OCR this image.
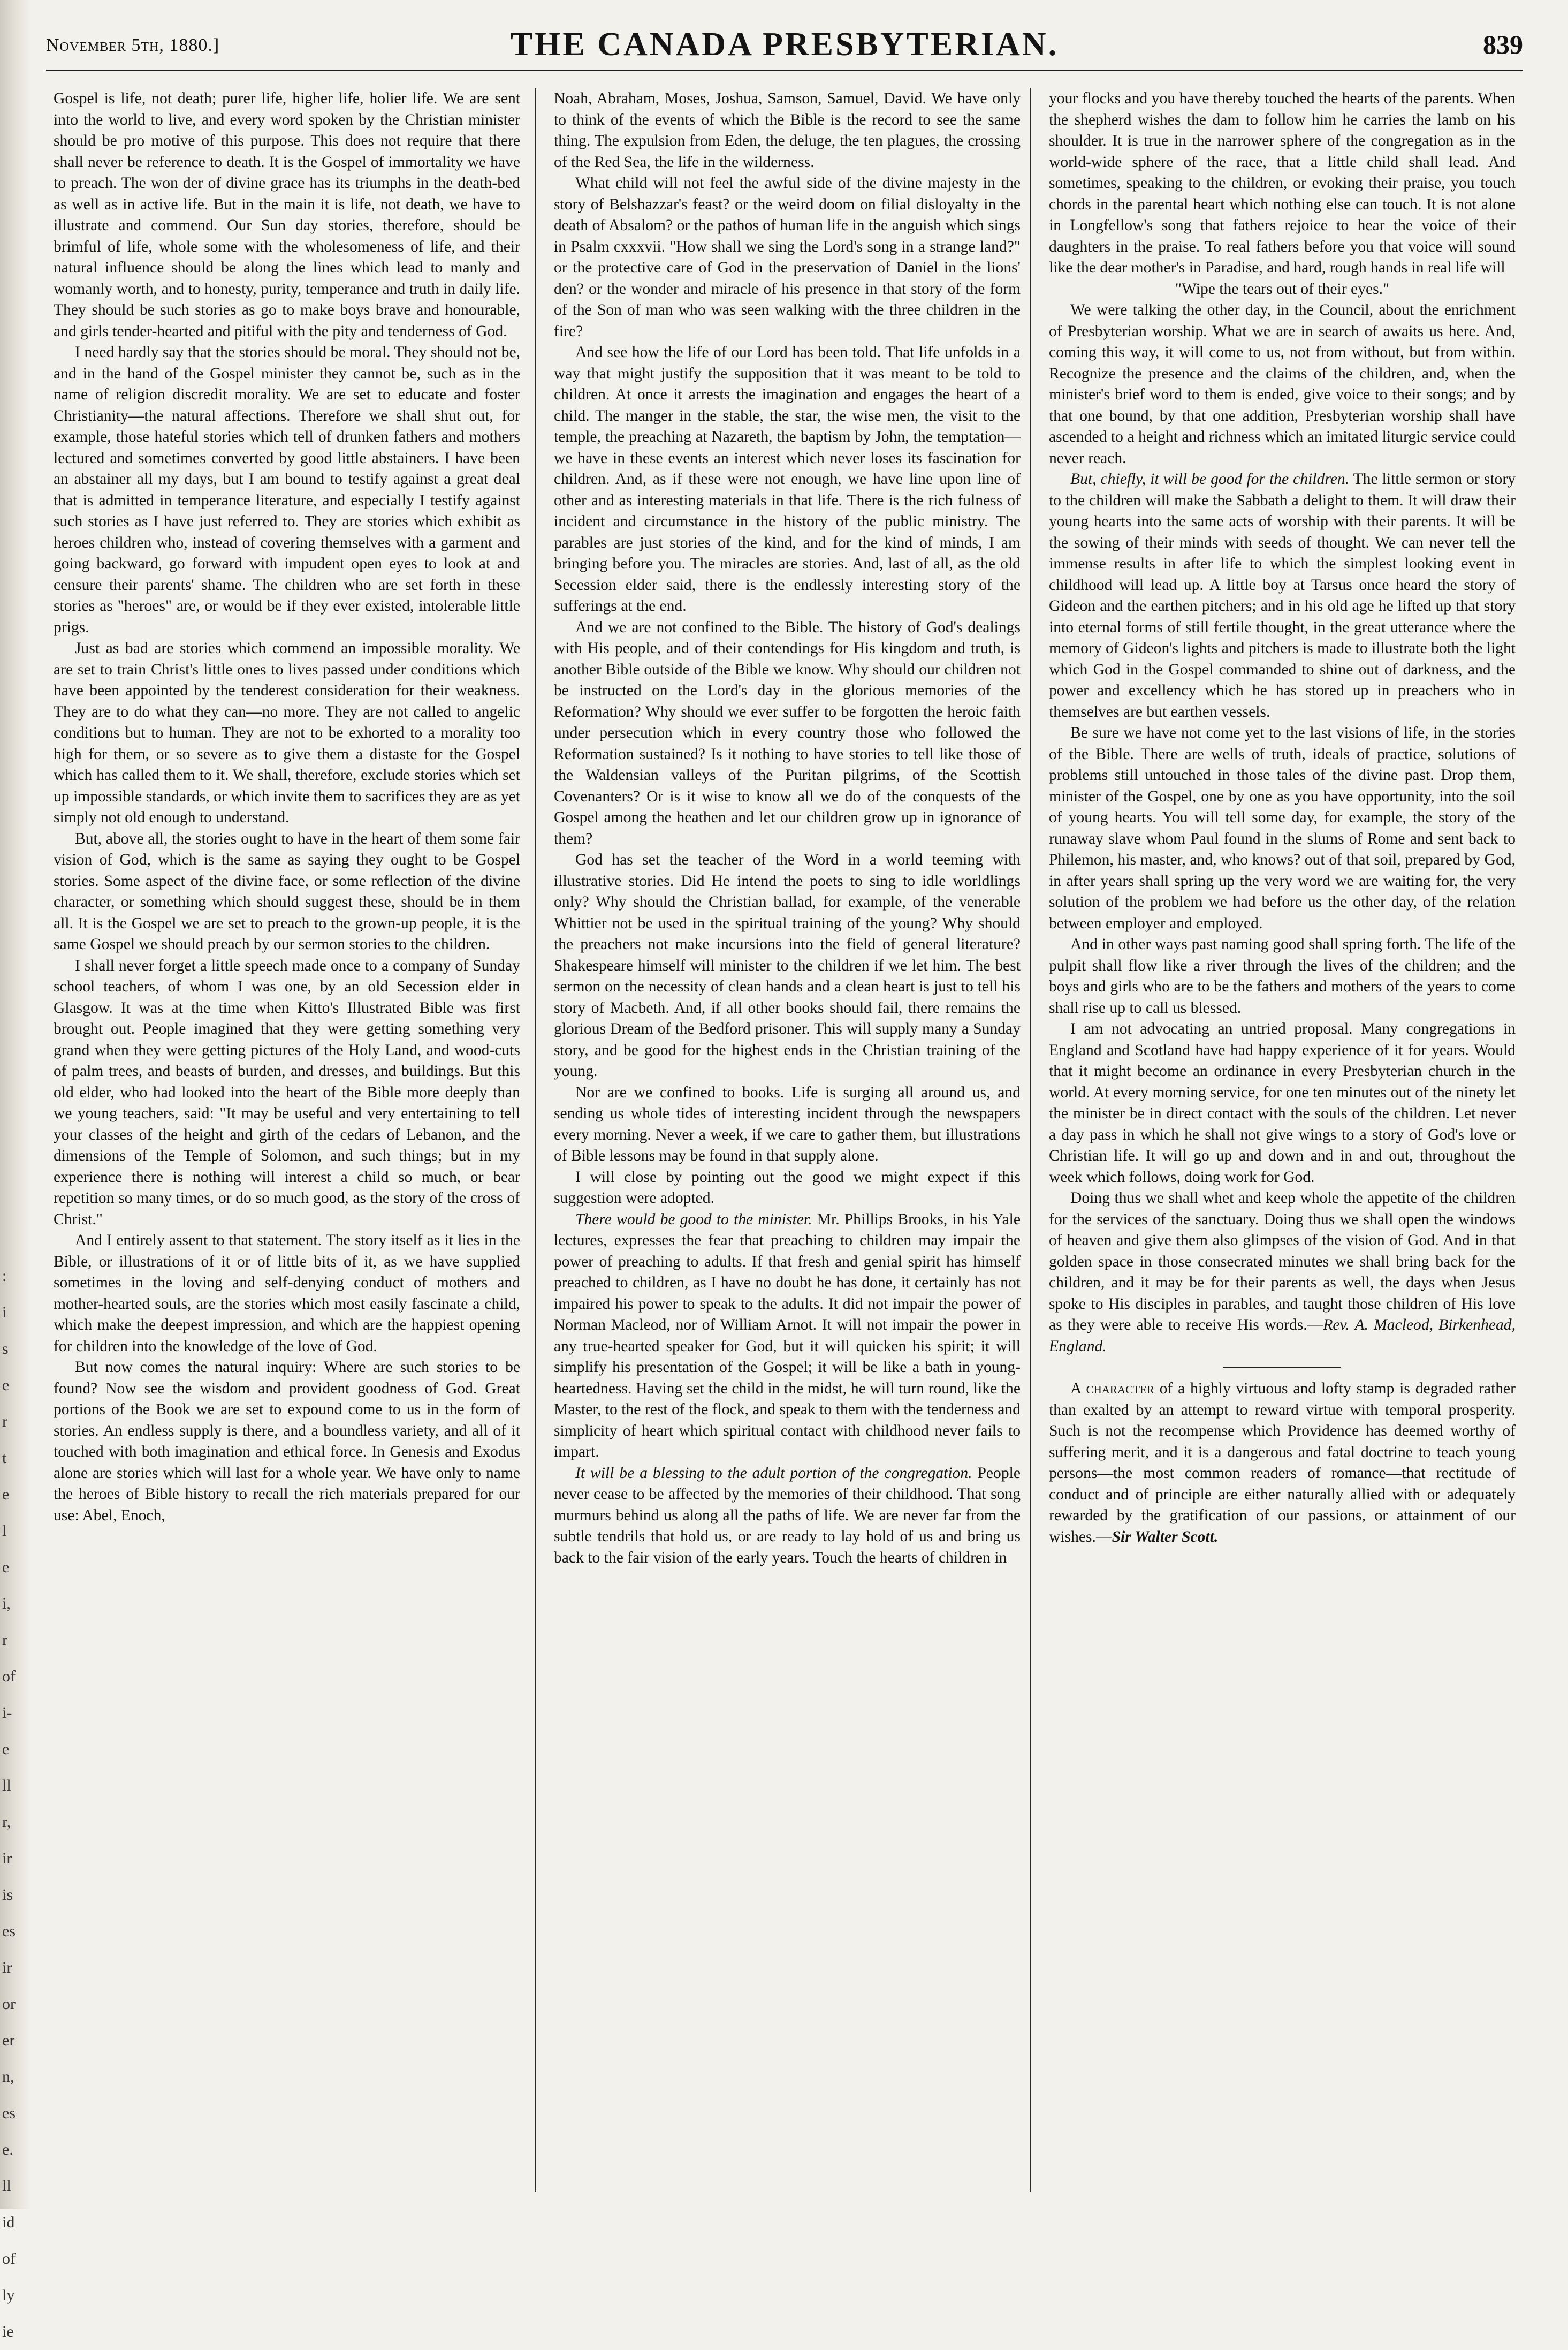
:
i
s
e
r
t
e
l
e
i,
r
of
i-
e
ll
r,
ir
is
es
ir
or
er
n,
es
e.
ll
id
of
ly
ie
November 5th, 1880.]	THE CANADA PRESBYTERIAN.	839

Gospel is life, not death; purer life, higher life, holier life. We are sent into the world to live, and every word spoken by the Christian minister should be pro motive of this purpose. This does not require that there shall never be reference to death. It is the Gospel of immortality we have to preach. The won der of divine grace has its triumphs in the death-bed as well as in active life. But in the main it is life, not death, we have to illustrate and commend. Our Sun day stories, therefore, should be brimful of life, whole some with the wholesomeness of life, and their natural influence should be along the lines which lead to manly and womanly worth, and to honesty, purity, temperance and truth in daily life. They should be such stories as go to make boys brave and honourable, and girls tender-hearted and pitiful with the pity and tenderness of God.

I need hardly say that the stories should be moral. They should not be, and in the hand of the Gospel minister they cannot be, such as in the name of religion discredit morality. We are set to educate and foster Christianity—the natural affections. Therefore we shall shut out, for example, those hateful stories which tell of drunken fathers and mothers lectured and sometimes converted by good little abstainers. I have been an abstainer all my days, but I am bound to testify against a great deal that is admitted in temperance literature, and especially I testify against such stories as I have just referred to. They are stories which exhibit as heroes children who, instead of covering themselves with a garment and going backward, go forward with impudent open eyes to look at and censure their parents' shame. The children who are set forth in these stories as "heroes" are, or would be if they ever existed, intolerable little prigs.

Just as bad are stories which commend an impossible morality. We are set to train Christ's little ones to lives passed under conditions which have been appointed by the tenderest consideration for their weakness. They are to do what they can—no more. They are not called to angelic conditions but to human. They are not to be exhorted to a morality too high for them, or so severe as to give them a distaste for the Gospel which has called them to it. We shall, therefore, exclude stories which set up impossible standards, or which invite them to sacrifices they are as yet simply not old enough to understand.

But, above all, the stories ought to have in the heart of them some fair vision of God, which is the same as saying they ought to be Gospel stories. Some aspect of the divine face, or some reflection of the divine character, or something which should suggest these, should be in them all. It is the Gospel we are set to preach to the grown-up people, it is the same Gospel we should preach by our sermon stories to the children.

I shall never forget a little speech made once to a company of Sunday school teachers, of whom I was one, by an old Secession elder in Glasgow. It was at the time when Kitto's Illustrated Bible was first brought out. People imagined that they were getting something very grand when they were getting pictures of the Holy Land, and wood-cuts of palm trees, and beasts of burden, and dresses, and buildings. But this old elder, who had looked into the heart of the Bible more deeply than we young teachers, said: "It may be useful and very entertaining to tell your classes of the height and girth of the cedars of Lebanon, and the dimensions of the Temple of Solomon, and such things; but in my experience there is nothing will interest a child so much, or bear repetition so many times, or do so much good, as the story of the cross of Christ."

And I entirely assent to that statement. The story itself as it lies in the Bible, or illustrations of it or of little bits of it, as we have supplied sometimes in the loving and self-denying conduct of mothers and mother-hearted souls, are the stories which most easily fascinate a child, which make the deepest impression, and which are the happiest opening for children into the knowledge of the love of God.

But now comes the natural inquiry: Where are such stories to be found? Now see the wisdom and provident goodness of God. Great portions of the Book we are set to expound come to us in the form of stories. An endless supply is there, and a boundless variety, and all of it touched with both imagination and ethical force. In Genesis and Exodus alone are stories which will last for a whole year. We have only to name the heroes of Bible history to recall the rich materials prepared for our use: Abel, Enoch,

Noah, Abraham, Moses, Joshua, Samson, Samuel, David. We have only to think of the events of which the Bible is the record to see the same thing. The expulsion from Eden, the deluge, the ten plagues, the crossing of the Red Sea, the life in the wilderness.

What child will not feel the awful side of the divine majesty in the story of Belshazzar's feast? or the weird doom on filial disloyalty in the death of Absalom? or the pathos of human life in the anguish which sings in Psalm cxxxvii. "How shall we sing the Lord's song in a strange land?" or the protective care of God in the preservation of Daniel in the lions' den? or the wonder and miracle of his presence in that story of the form of the Son of man who was seen walking with the three children in the fire?

And see how the life of our Lord has been told. That life unfolds in a way that might justify the supposition that it was meant to be told to children. At once it arrests the imagination and engages the heart of a child. The manger in the stable, the star, the wise men, the visit to the temple, the preaching at Nazareth, the baptism by John, the temptation—we have in these events an interest which never loses its fascination for children. And, as if these were not enough, we have line upon line of other and as interesting materials in that life. There is the rich fulness of incident and circumstance in the history of the public ministry. The parables are just stories of the kind, and for the kind of minds, I am bringing before you. The miracles are stories. And, last of all, as the old Secession elder said, there is the endlessly interesting story of the sufferings at the end.

And we are not confined to the Bible. The history of God's dealings with His people, and of their contendings for His kingdom and truth, is another Bible outside of the Bible we know. Why should our children not be instructed on the Lord's day in the glorious memories of the Reformation? Why should we ever suffer to be forgotten the heroic faith under persecution which in every country those who followed the Reformation sustained? Is it nothing to have stories to tell like those of the Waldensian valleys of the Puritan pilgrims, of the Scottish Covenanters? Or is it wise to know all we do of the conquests of the Gospel among the heathen and let our children grow up in ignorance of them?

God has set the teacher of the Word in a world teeming with illustrative stories. Did He intend the poets to sing to idle worldlings only? Why should the Christian ballad, for example, of the venerable Whittier not be used in the spiritual training of the young? Why should the preachers not make incursions into the field of general literature? Shakespeare himself will minister to the children if we let him. The best sermon on the necessity of clean hands and a clean heart is just to tell his story of Macbeth. And, if all other books should fail, there remains the glorious Dream of the Bedford prisoner. This will supply many a Sunday story, and be good for the highest ends in the Christian training of the young.

Nor are we confined to books. Life is surging all around us, and sending us whole tides of interesting incident through the newspapers every morning. Never a week, if we care to gather them, but illustrations of Bible lessons may be found in that supply alone.

I will close by pointing out the good we might expect if this suggestion were adopted.

There would be good to the minister. Mr. Phillips Brooks, in his Yale lectures, expresses the fear that preaching to children may impair the power of preaching to adults. If that fresh and genial spirit has himself preached to children, as I have no doubt he has done, it certainly has not impaired his power to speak to the adults. It did not impair the power of Norman Macleod, nor of William Arnot. It will not impair the power in any true-hearted speaker for God, but it will quicken his spirit; it will simplify his presentation of the Gospel; it will be like a bath in young-heartedness. Having set the child in the midst, he will turn round, like the Master, to the rest of the flock, and speak to them with the tenderness and simplicity of heart which spiritual contact with childhood never fails to impart.

It will be a blessing to the adult portion of the congregation. People never cease to be affected by the memories of their childhood. That song murmurs behind us along all the paths of life. We are never far from the subtle tendrils that hold us, or are ready to lay hold of us and bring us back to the fair vision of the early years. Touch the hearts of children in

your flocks and you have thereby touched the hearts of the parents. When the shepherd wishes the dam to follow him he carries the lamb on his shoulder. It is true in the narrower sphere of the congregation as in the world-wide sphere of the race, that a little child shall lead. And sometimes, speaking to the children, or evoking their praise, you touch chords in the parental heart which nothing else can touch. It is not alone in Longfellow's song that fathers rejoice to hear the voice of their daughters in the praise. To real fathers before you that voice will sound like the dear mother's in Paradise, and hard, rough hands in real life will

"Wipe the tears out of their eyes."

We were talking the other day, in the Council, about the enrichment of Presbyterian worship. What we are in search of awaits us here. And, coming this way, it will come to us, not from without, but from within. Recognize the presence and the claims of the children, and, when the minister's brief word to them is ended, give voice to their songs; and by that one bound, by that one addition, Presbyterian worship shall have ascended to a height and richness which an imitated liturgic service could never reach.

But, chiefly, it will be good for the children. The little sermon or story to the children will make the Sabbath a delight to them. It will draw their young hearts into the same acts of worship with their parents. It will be the sowing of their minds with seeds of thought. We can never tell the immense results in after life to which the simplest looking event in childhood will lead up. A little boy at Tarsus once heard the story of Gideon and the earthen pitchers; and in his old age he lifted up that story into eternal forms of still fertile thought, in the great utterance where the memory of Gideon's lights and pitchers is made to illustrate both the light which God in the Gospel commanded to shine out of darkness, and the power and excellency which he has stored up in preachers who in themselves are but earthen vessels.

Be sure we have not come yet to the last visions of life, in the stories of the Bible. There are wells of truth, ideals of practice, solutions of problems still untouched in those tales of the divine past. Drop them, minister of the Gospel, one by one as you have opportunity, into the soil of young hearts. You will tell some day, for example, the story of the runaway slave whom Paul found in the slums of Rome and sent back to Philemon, his master, and, who knows? out of that soil, prepared by God, in after years shall spring up the very word we are waiting for, the very solution of the problem we had before us the other day, of the relation between employer and employed.

And in other ways past naming good shall spring forth. The life of the pulpit shall flow like a river through the lives of the children; and the boys and girls who are to be the fathers and mothers of the years to come shall rise up to call us blessed.

I am not advocating an untried proposal. Many congregations in England and Scotland have had happy experience of it for years. Would that it might become an ordinance in every Presbyterian church in the world. At every morning service, for one ten minutes out of the ninety let the minister be in direct contact with the souls of the children. Let never a day pass in which he shall not give wings to a story of God's love or Christian life. It will go up and down and in and out, throughout the week which follows, doing work for God.

Doing thus we shall whet and keep whole the appetite of the children for the services of the sanctuary. Doing thus we shall open the windows of heaven and give them also glimpses of the vision of God. And in that golden space in those consecrated minutes we shall bring back for the children, and it may be for their parents as well, the days when Jesus spoke to His disciples in parables, and taught those children of His love as they were able to receive His words.—Rev. A. Macleod, Birkenhead, England.

A character of a highly virtuous and lofty stamp is degraded rather than exalted by an attempt to reward virtue with temporal prosperity. Such is not the recompense which Providence has deemed worthy of suffering merit, and it is a dangerous and fatal doctrine to teach young persons—the most common readers of romance—that rectitude of conduct and of principle are either naturally allied with or adequately rewarded by the gratification of our passions, or attainment of our wishes.—Sir Walter Scott.
